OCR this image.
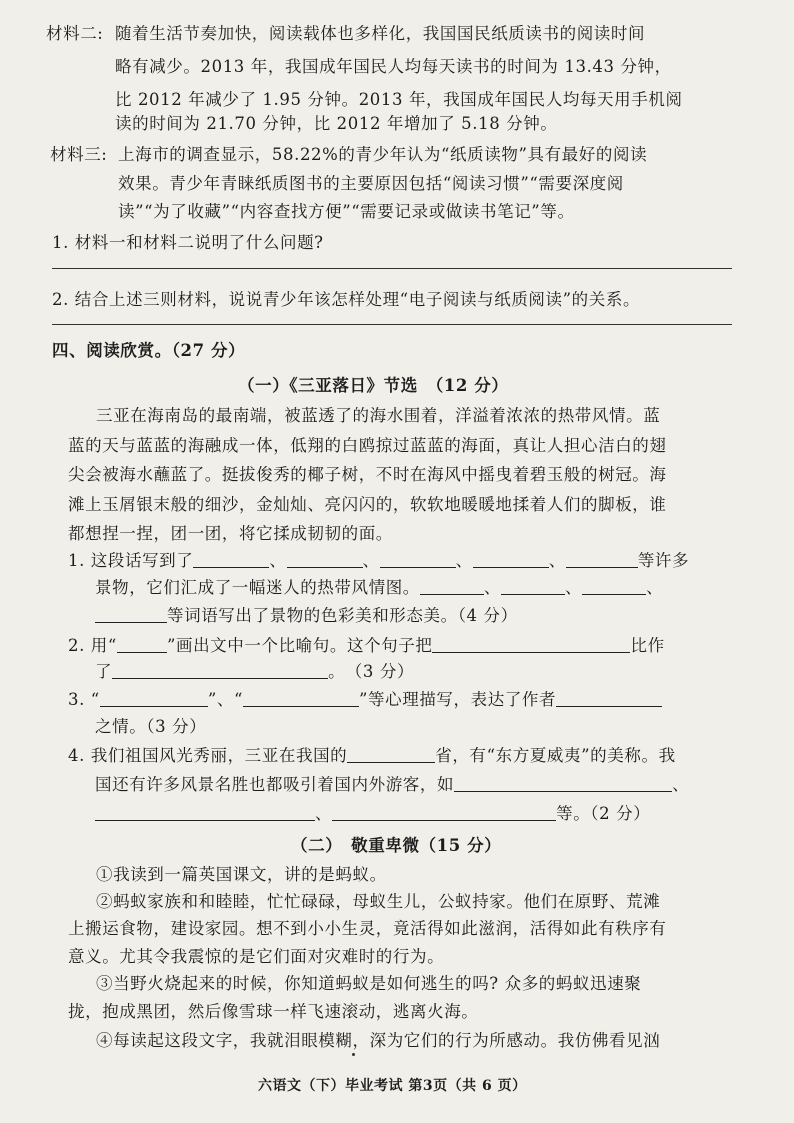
材料二: 随着生活节奏加快，阅读载体也多样化，我国国民纸质读书的阅读时间
略有减少。2013 年，我国成年国民人均每天读书的时间为 13.43 分钟，
比 2012 年减少了 1.95 分钟。2013 年，我国成年国民人均每天用手机阅
读的时间为 21.70 分钟，比 2012 年增加了 5.18 分钟。
材料三: 上海市的调查显示，58.22%的青少年认为“纸质读物”具有最好的阅读
效果。青少年青睐纸质图书的主要原因包括“阅读习惯”“需要深度阅
读”“为了收藏”“内容查找方便”“需要记录或做读书笔记”等。
1. 材料一和材料二说明了什么问题?
2. 结合上述三则材料，说说青少年该怎样处理“电子阅读与纸质阅读”的关系。
四、阅读欣赏。（27 分）
（一）《三亚落日》节选　（12 分）
三亚在海南岛的最南端，被蓝透了的海水围着，洋溢着浓浓的热带风情。蓝
蓝的天与蓝蓝的海融成一体，低翔的白鸥掠过蓝蓝的海面，真让人担心洁白的翅
尖会被海水蘸蓝了。挺拔俊秀的椰子树，不时在海风中摇曳着碧玉般的树冠。海
滩上玉屑银末般的细沙，金灿灿、亮闪闪的，软软地暖暖地揉着人们的脚板，谁
都想捏一捏，团一团，将它揉成韧韧的面。
1. 这段话写到了	、	、	、	、	等许多
景物，它们汇成了一幅迷人的热带风情图。	、	、	、
等词语写出了景物的色彩美和形态美。（4 分）
2. 用“	”画出文中一个比喻句。这个句子把	比作
了	。　（3 分）
3. “	”、“	”等心理描写，表达了作者
之情。（3 分）
4. 我们祖国风光秀丽，三亚在我国的	省，有“东方夏威夷”的美称。我
国还有许多风景名胜也都吸引着国内外游客，如	、
、	等。（2 分）
（二）　敬重卑微（15 分）
①我读到一篇英国课文，讲的是蚂蚁。
②蚂蚁家族和和睦睦，忙忙碌碌，母蚁生儿，公蚁持家。他们在原野、荒滩
上搬运食物，建设家园。想不到小小生灵，竟活得如此滋润，活得如此有秩序有
意义。尤其令我震惊的是它们面对灾难时的行为。
③当野火烧起来的时候，你知道蚂蚁是如何逃生的吗? 众多的蚂蚁迅速聚
拢，抱成黑团，然后像雪球一样飞速滚动，逃离火海。
④每读起这段文字，我就泪眼模糊，深为它们的行为所感动。我仿佛看见汹
六语文（下）毕业考试 第3页（共 6 页）
